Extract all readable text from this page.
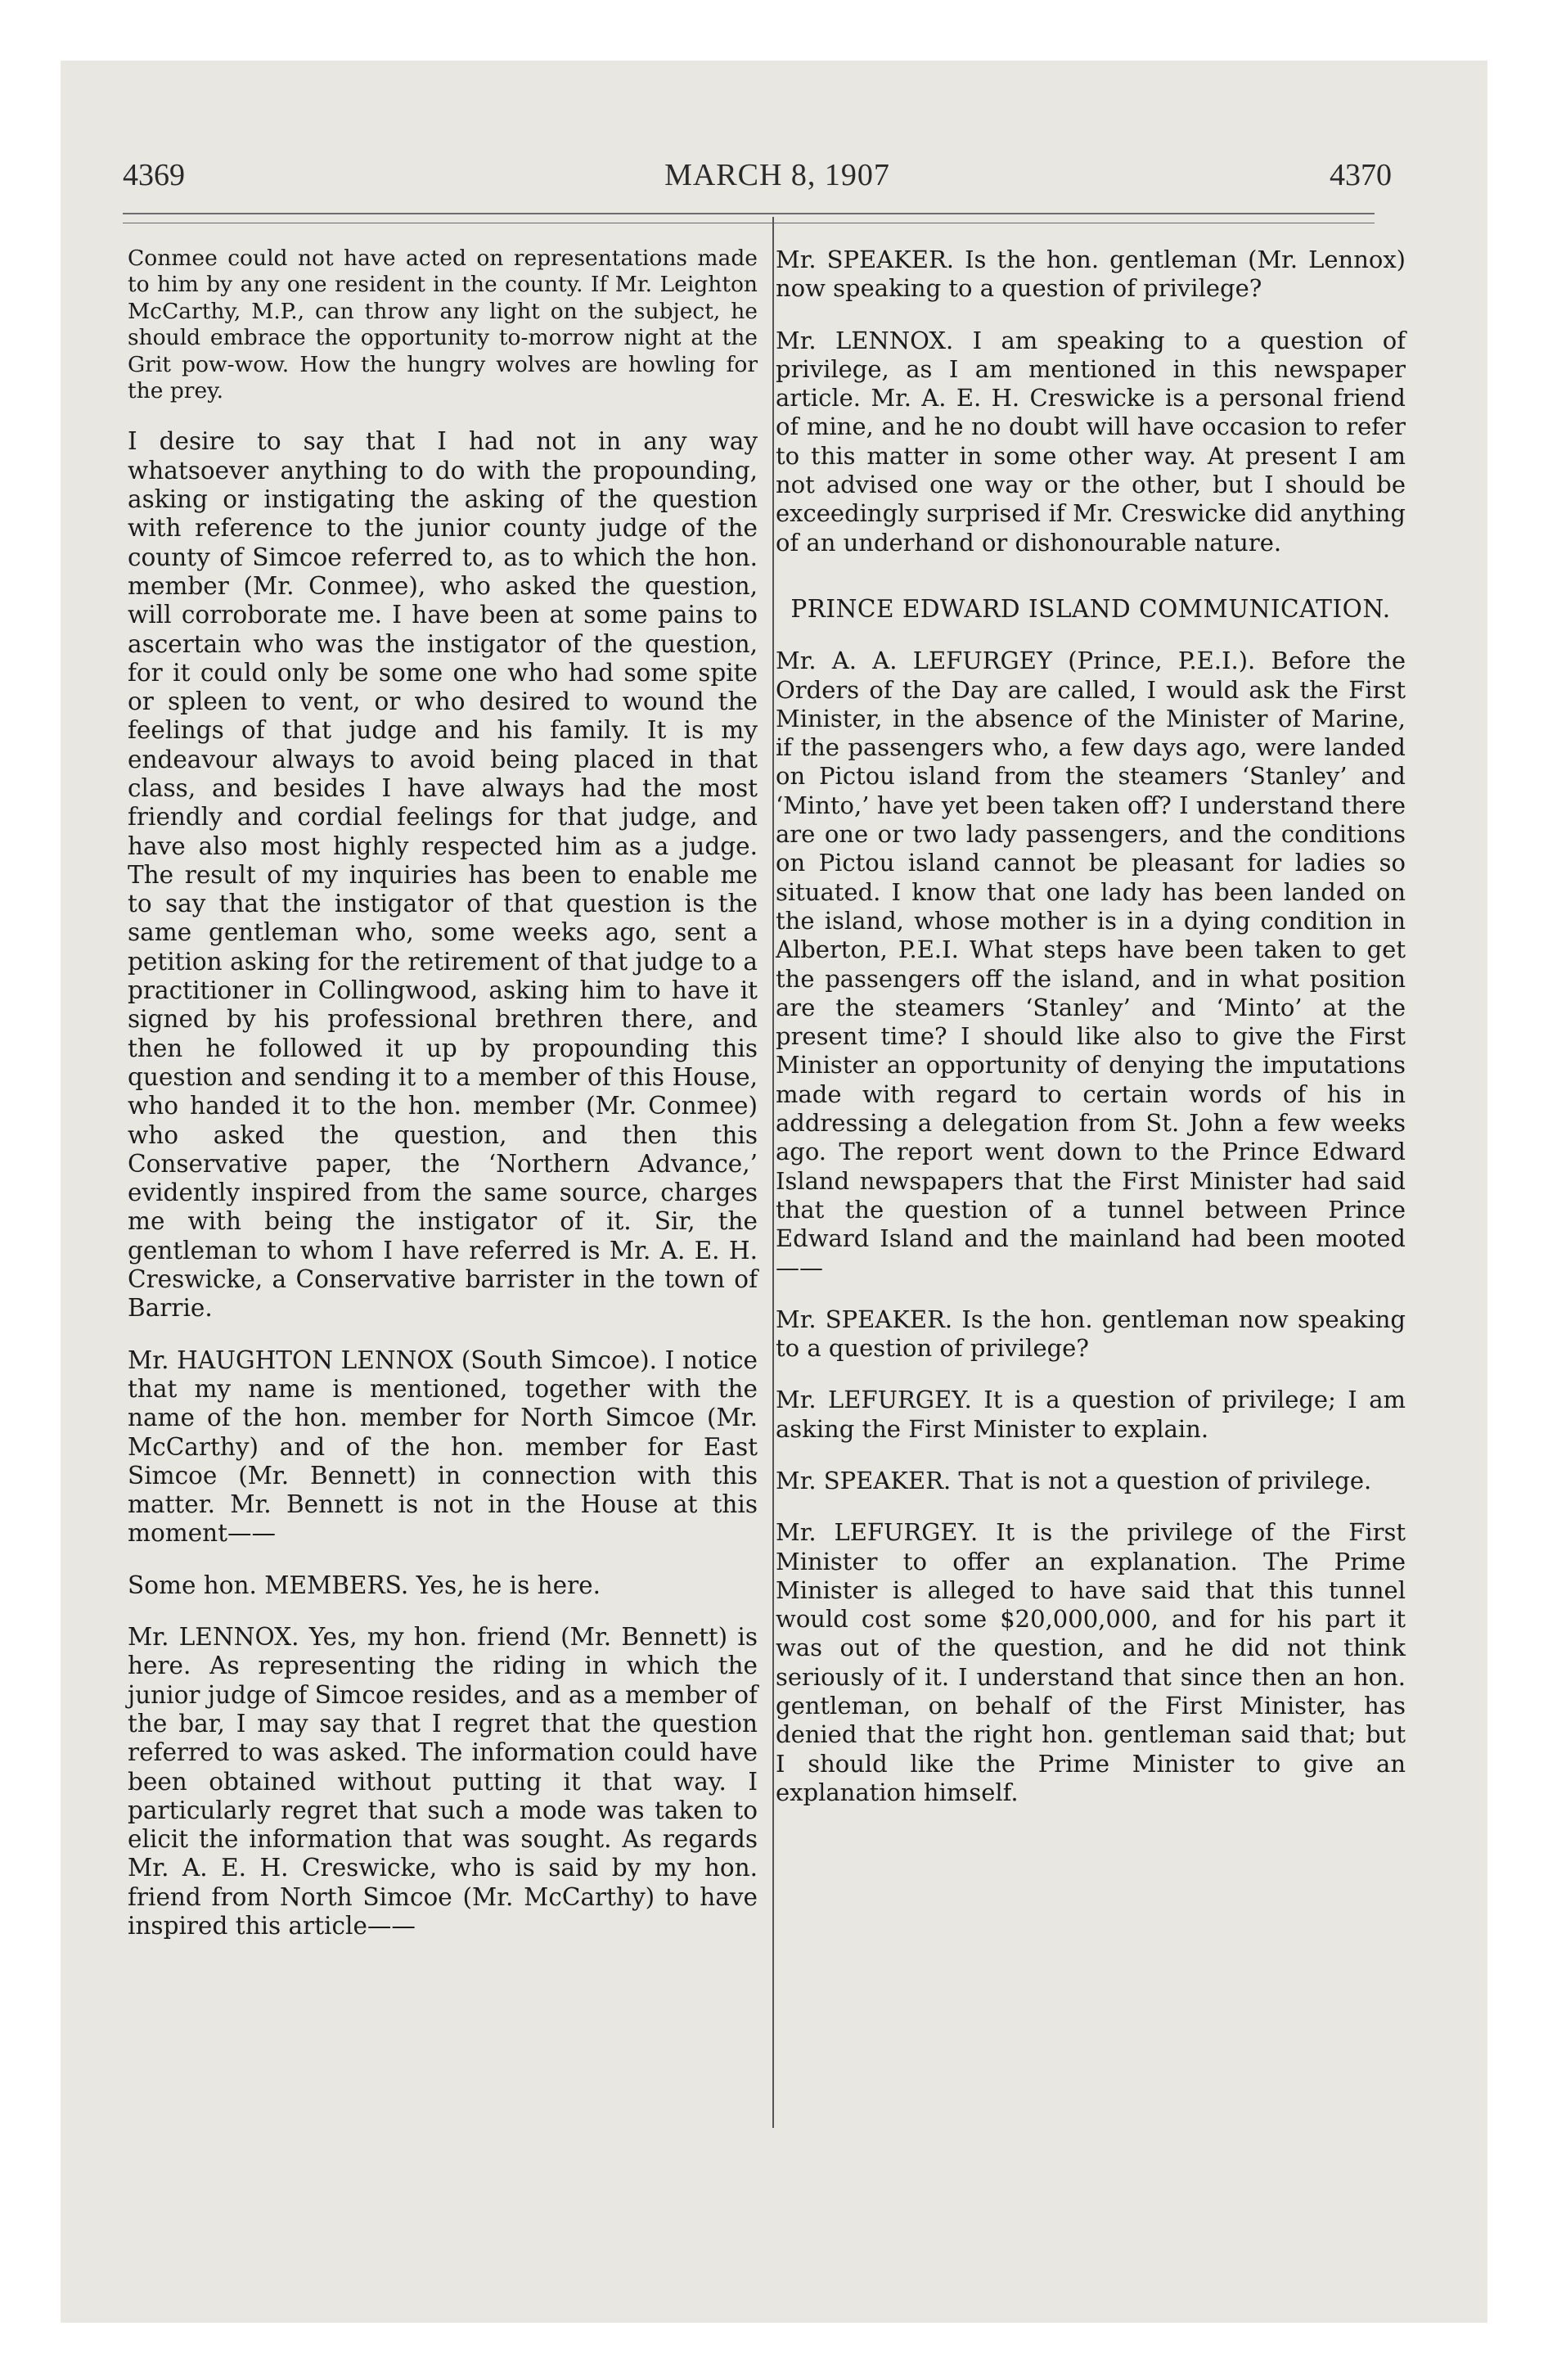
4369	MARCH 8, 1907	4370

Conmee could not have acted on representations made to him by any one resident in the county. If Mr. Leighton McCarthy, M.P., can throw any light on the subject, he should embrace the opportunity to-morrow night at the Grit pow-wow. How the hungry wolves are howling for the prey.

I desire to say that I had not in any way whatsoever anything to do with the propounding, asking or instigating the asking of the question with reference to the junior county judge of the county of Simcoe referred to, as to which the hon. member (Mr. Conmee), who asked the question, will corroborate me. I have been at some pains to ascertain who was the instigator of the question, for it could only be some one who had some spite or spleen to vent, or who desired to wound the feelings of that judge and his family. It is my endeavour always to avoid being placed in that class, and besides I have always had the most friendly and cordial feelings for that judge, and have also most highly respected him as a judge. The result of my inquiries has been to enable me to say that the instigator of that question is the same gentleman who, some weeks ago, sent a petition asking for the retirement of that judge to a practitioner in Collingwood, asking him to have it signed by his professional brethren there, and then he followed it up by propounding this question and sending it to a member of this House, who handed it to the hon. member (Mr. Conmee) who asked the question, and then this Conservative paper, the ‘Northern Advance,’ evidently inspired from the same source, charges me with being the instigator of it. Sir, the gentleman to whom I have referred is Mr. A. E. H. Creswicke, a Conservative barrister in the town of Barrie.

Mr. HAUGHTON LENNOX (South Simcoe). I notice that my name is mentioned, together with the name of the hon. member for North Simcoe (Mr. McCarthy) and of the hon. member for East Simcoe (Mr. Bennett) in connection with this matter. Mr. Bennett is not in the House at this moment——

Some hon. MEMBERS. Yes, he is here.

Mr. LENNOX. Yes, my hon. friend (Mr. Bennett) is here. As representing the riding in which the junior judge of Simcoe resides, and as a member of the bar, I may say that I regret that the question referred to was asked. The information could have been obtained without putting it that way. I particularly regret that such a mode was taken to elicit the information that was sought. As regards Mr. A. E. H. Creswicke, who is said by my hon. friend from North Simcoe (Mr. McCarthy) to have inspired this article——

Mr. SPEAKER. Is the hon. gentleman (Mr. Lennox) now speaking to a question of privilege?

Mr. LENNOX. I am speaking to a question of privilege, as I am mentioned in this newspaper article. Mr. A. E. H. Creswicke is a personal friend of mine, and he no doubt will have occasion to refer to this matter in some other way. At present I am not advised one way or the other, but I should be exceedingly surprised if Mr. Creswicke did anything of an underhand or dishonourable nature.

PRINCE EDWARD ISLAND COMMUNICATION.

Mr. A. A. LEFURGEY (Prince, P.E.I.). Before the Orders of the Day are called, I would ask the First Minister, in the absence of the Minister of Marine, if the passengers who, a few days ago, were landed on Pictou island from the steamers ‘Stanley’ and ‘Minto,’ have yet been taken off? I understand there are one or two lady passengers, and the conditions on Pictou island cannot be pleasant for ladies so situated. I know that one lady has been landed on the island, whose mother is in a dying condition in Alberton, P.E.I. What steps have been taken to get the passengers off the island, and in what position are the steamers ‘Stanley’ and ‘Minto’ at the present time? I should like also to give the First Minister an opportunity of denying the imputations made with regard to certain words of his in addressing a delegation from St. John a few weeks ago. The report went down to the Prince Edward Island newspapers that the First Minister had said that the question of a tunnel between Prince Edward Island and the mainland had been mooted——

Mr. SPEAKER. Is the hon. gentleman now speaking to a question of privilege?

Mr. LEFURGEY. It is a question of privilege; I am asking the First Minister to explain.

Mr. SPEAKER. That is not a question of privilege.

Mr. LEFURGEY. It is the privilege of the First Minister to offer an explanation. The Prime Minister is alleged to have said that this tunnel would cost some $20,000,000, and for his part it was out of the question, and he did not think seriously of it. I understand that since then an hon. gentleman, on behalf of the First Minister, has denied that the right hon. gentleman said that; but I should like the Prime Minister to give an explanation himself.
